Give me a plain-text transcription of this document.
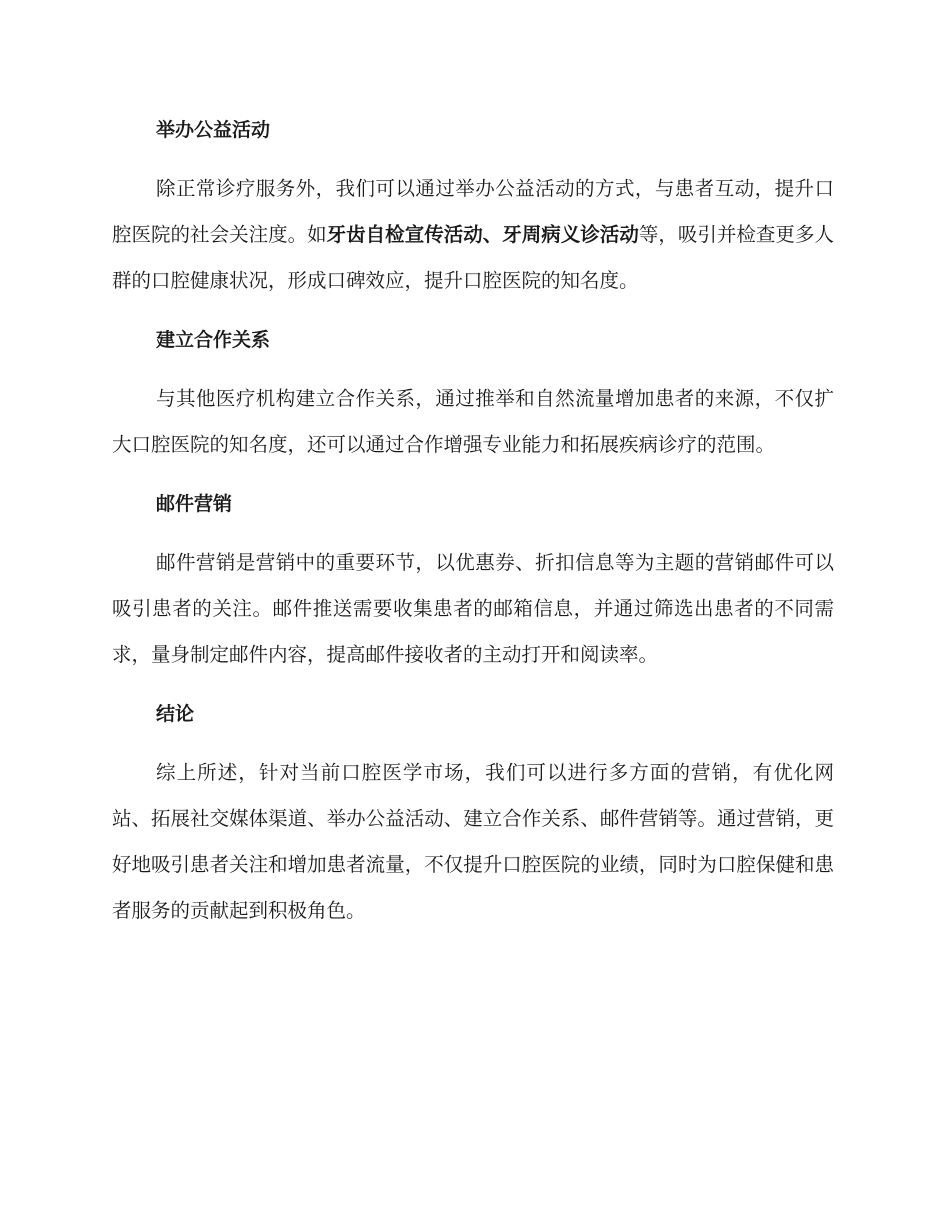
举办公益活动

除正常诊疗服务外，我们可以通过举办公益活动的方式，与患者互动，提升口腔医院的社会关注度。如牙齿自检宣传活动、牙周病义诊活动等，吸引并检查更多人群的口腔健康状况，形成口碑效应，提升口腔医院的知名度。

建立合作关系

与其他医疗机构建立合作关系，通过推举和自然流量增加患者的来源，不仅扩大口腔医院的知名度，还可以通过合作增强专业能力和拓展疾病诊疗的范围。

邮件营销

邮件营销是营销中的重要环节，以优惠券、折扣信息等为主题的营销邮件可以吸引患者的关注。邮件推送需要收集患者的邮箱信息，并通过筛选出患者的不同需求，量身制定邮件内容，提高邮件接收者的主动打开和阅读率。

结论

综上所述，针对当前口腔医学市场，我们可以进行多方面的营销，有优化网站、拓展社交媒体渠道、举办公益活动、建立合作关系、邮件营销等。通过营销，更好地吸引患者关注和增加患者流量，不仅提升口腔医院的业绩，同时为口腔保健和患者服务的贡献起到积极角色。
